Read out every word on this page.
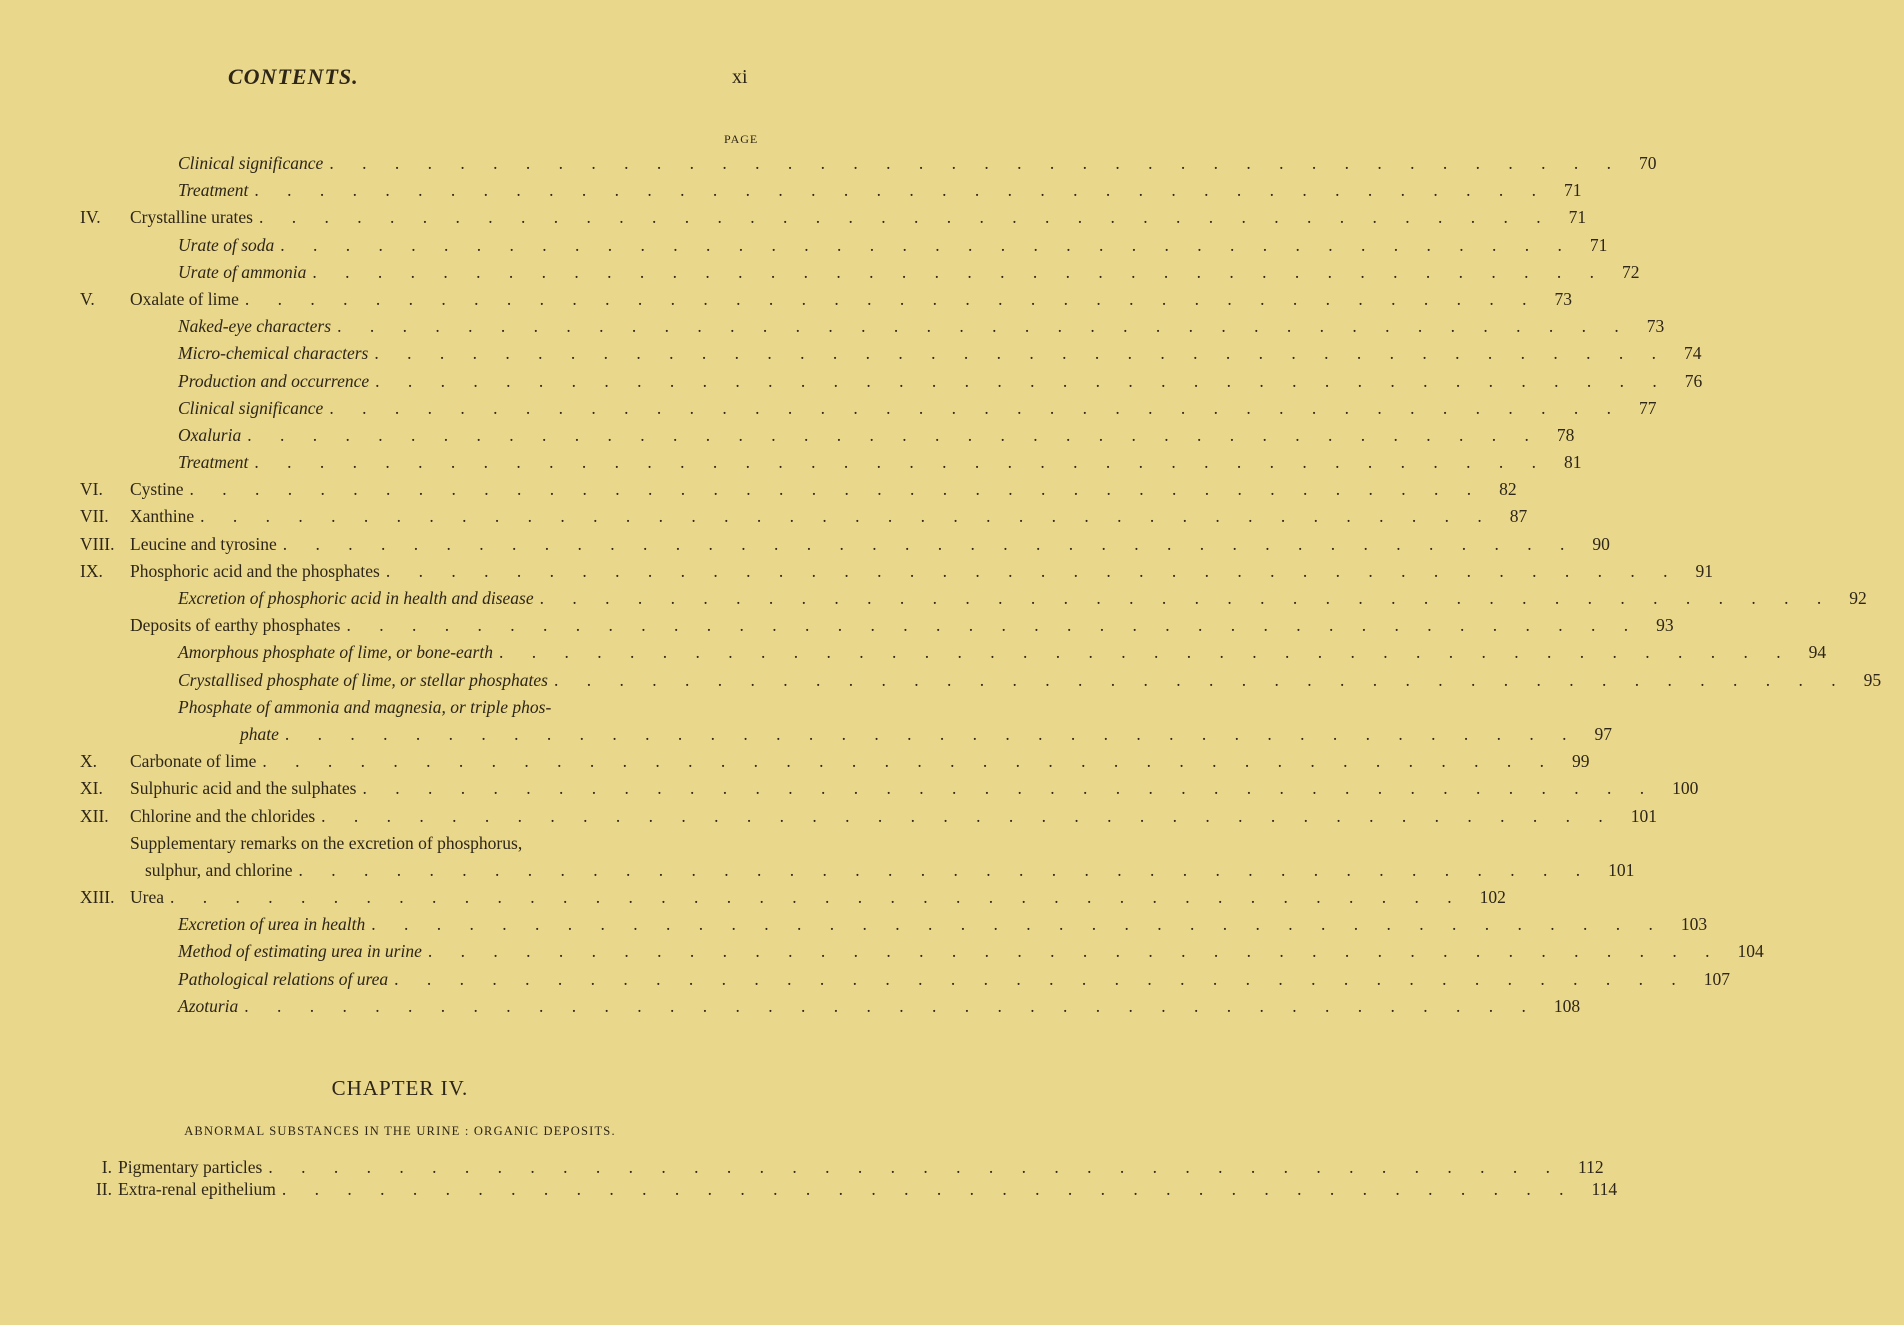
CONTENTS.	xi
PAGE
Clinical significance . . . . . . . . . . . . . . . . . . . . . . . . . . . . . . . . . . . . . . . . 70
Treatment . . . . . . . . . . . . . . . . . . . . . . . . . . . . . . . . . . . . . . . . 71
IV.	Crystalline urates . . . . . . . . . . . . . . . . . . . . . . . . . . . . . . . . . . . . . . . . 71
Urate of soda . . . . . . . . . . . . . . . . . . . . . . . . . . . . . . . . . . . . . . . . 71
Urate of ammonia . . . . . . . . . . . . . . . . . . . . . . . . . . . . . . . . . . . . . . . . 72
V.	Oxalate of lime . . . . . . . . . . . . . . . . . . . . . . . . . . . . . . . . . . . . . . . . 73
Naked-eye characters . . . . . . . . . . . . . . . . . . . . . . . . . . . . . . . . . . . . . . . . 73
Micro-chemical characters . . . . . . . . . . . . . . . . . . . . . . . . . . . . . . . . . . . . . . . . 74
Production and occurrence . . . . . . . . . . . . . . . . . . . . . . . . . . . . . . . . . . . . . . . . 76
Clinical significance . . . . . . . . . . . . . . . . . . . . . . . . . . . . . . . . . . . . . . . . 77
Oxaluria . . . . . . . . . . . . . . . . . . . . . . . . . . . . . . . . . . . . . . . . 78
Treatment . . . . . . . . . . . . . . . . . . . . . . . . . . . . . . . . . . . . . . . . 81
VI.	Cystine . . . . . . . . . . . . . . . . . . . . . . . . . . . . . . . . . . . . . . . . 82
VII.	Xanthine . . . . . . . . . . . . . . . . . . . . . . . . . . . . . . . . . . . . . . . . 87
VIII. Leucine and tyrosine . . . . . . . . . . . . . . . . . . . . . . . . . . . . . . . . . . . . . . . . 90
IX.	Phosphoric acid and the phosphates . . . . . . . . . . . . . . . . . . . . . . . . . . . . . . . . . . . . . . . . 91
Excretion of phosphoric acid in health and disease . . . . . . . . . . . . . . . . . . . . . . . . . . . . . . . . . . . . . . . . 92
Deposits of earthy phosphates . . . . . . . . . . . . . . . . . . . . . . . . . . . . . . . . . . . . . . . . 93
Amorphous phosphate of lime, or bone-earth . . . . . . . . . . . . . . . . . . . . . . . . . . . . . . . . . . . . . . . . 94
Crystallised phosphate of lime, or stellar phosphates . . . . . . . . . . . . . . . . . . . . . . . . . . . . . . . . . . . . . . . . 95
Phosphate of ammonia and magnesia, or triple phos-
phate . . . . . . . . . . . . . . . . . . . . . . . . . . . . . . . . . . . . . . . . 97
X.	Carbonate of lime . . . . . . . . . . . . . . . . . . . . . . . . . . . . . . . . . . . . . . . . 99
XI.	Sulphuric acid and the sulphates . . . . . . . . . . . . . . . . . . . . . . . . . . . . . . . . . . . . . . . . 100
XII.	Chlorine and the chlorides . . . . . . . . . . . . . . . . . . . . . . . . . . . . . . . . . . . . . . . . 101
Supplementary remarks on the excretion of phosphorus,
sulphur, and chlorine . . . . . . . . . . . . . . . . . . . . . . . . . . . . . . . . . . . . . . . . 101
XIII. Urea . . . . . . . . . . . . . . . . . . . . . . . . . . . . . . . . . . . . . . . . 102
Excretion of urea in health . . . . . . . . . . . . . . . . . . . . . . . . . . . . . . . . . . . . . . . . 103
Method of estimating urea in urine . . . . . . . . . . . . . . . . . . . . . . . . . . . . . . . . . . . . . . . . 104
Pathological relations of urea . . . . . . . . . . . . . . . . . . . . . . . . . . . . . . . . . . . . . . . . 107
Azoturia . . . . . . . . . . . . . . . . . . . . . . . . . . . . . . . . . . . . . . . . 108
CHAPTER IV.
ABNORMAL SUBSTANCES IN THE URINE : ORGANIC DEPOSITS.
I. Pigmentary particles . . . . . . . . . . . . . . . . . . . . . . . . . . . . . . . . . . . . . . . . 112
II. Extra-renal epithelium . . . . . . . . . . . . . . . . . . . . . . . . . . . . . . . . . . . . . . . . 114
